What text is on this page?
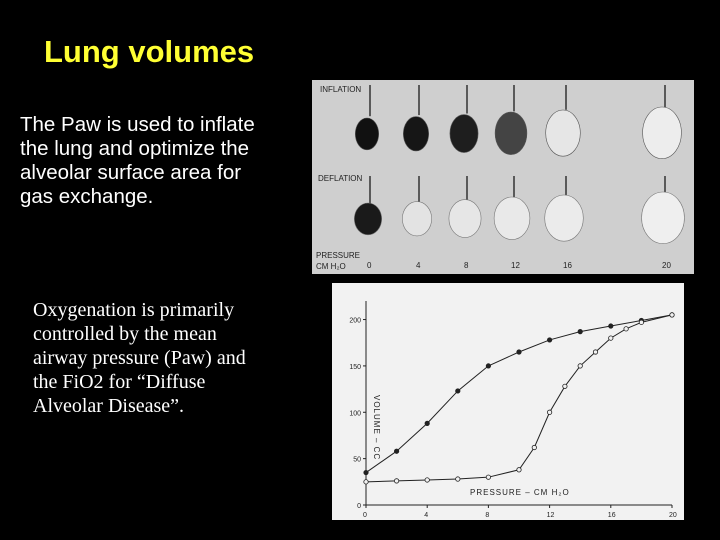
Lung volumes
The Paw is used to inflate the lung and optimize the alveolar surface area for gas exchange.
Oxygenation is primarily controlled by the mean airway pressure (Paw) and the FiO2 for “Diffuse Alveolar Disease”.
INFLATION
DEFLATION
PRESSURE
CM H₂O	0	4	8	12	16	20
0	4	8	12	16	20
0
50
100
150
200
PRESSURE – CM H₂O
VOLUME – CC
